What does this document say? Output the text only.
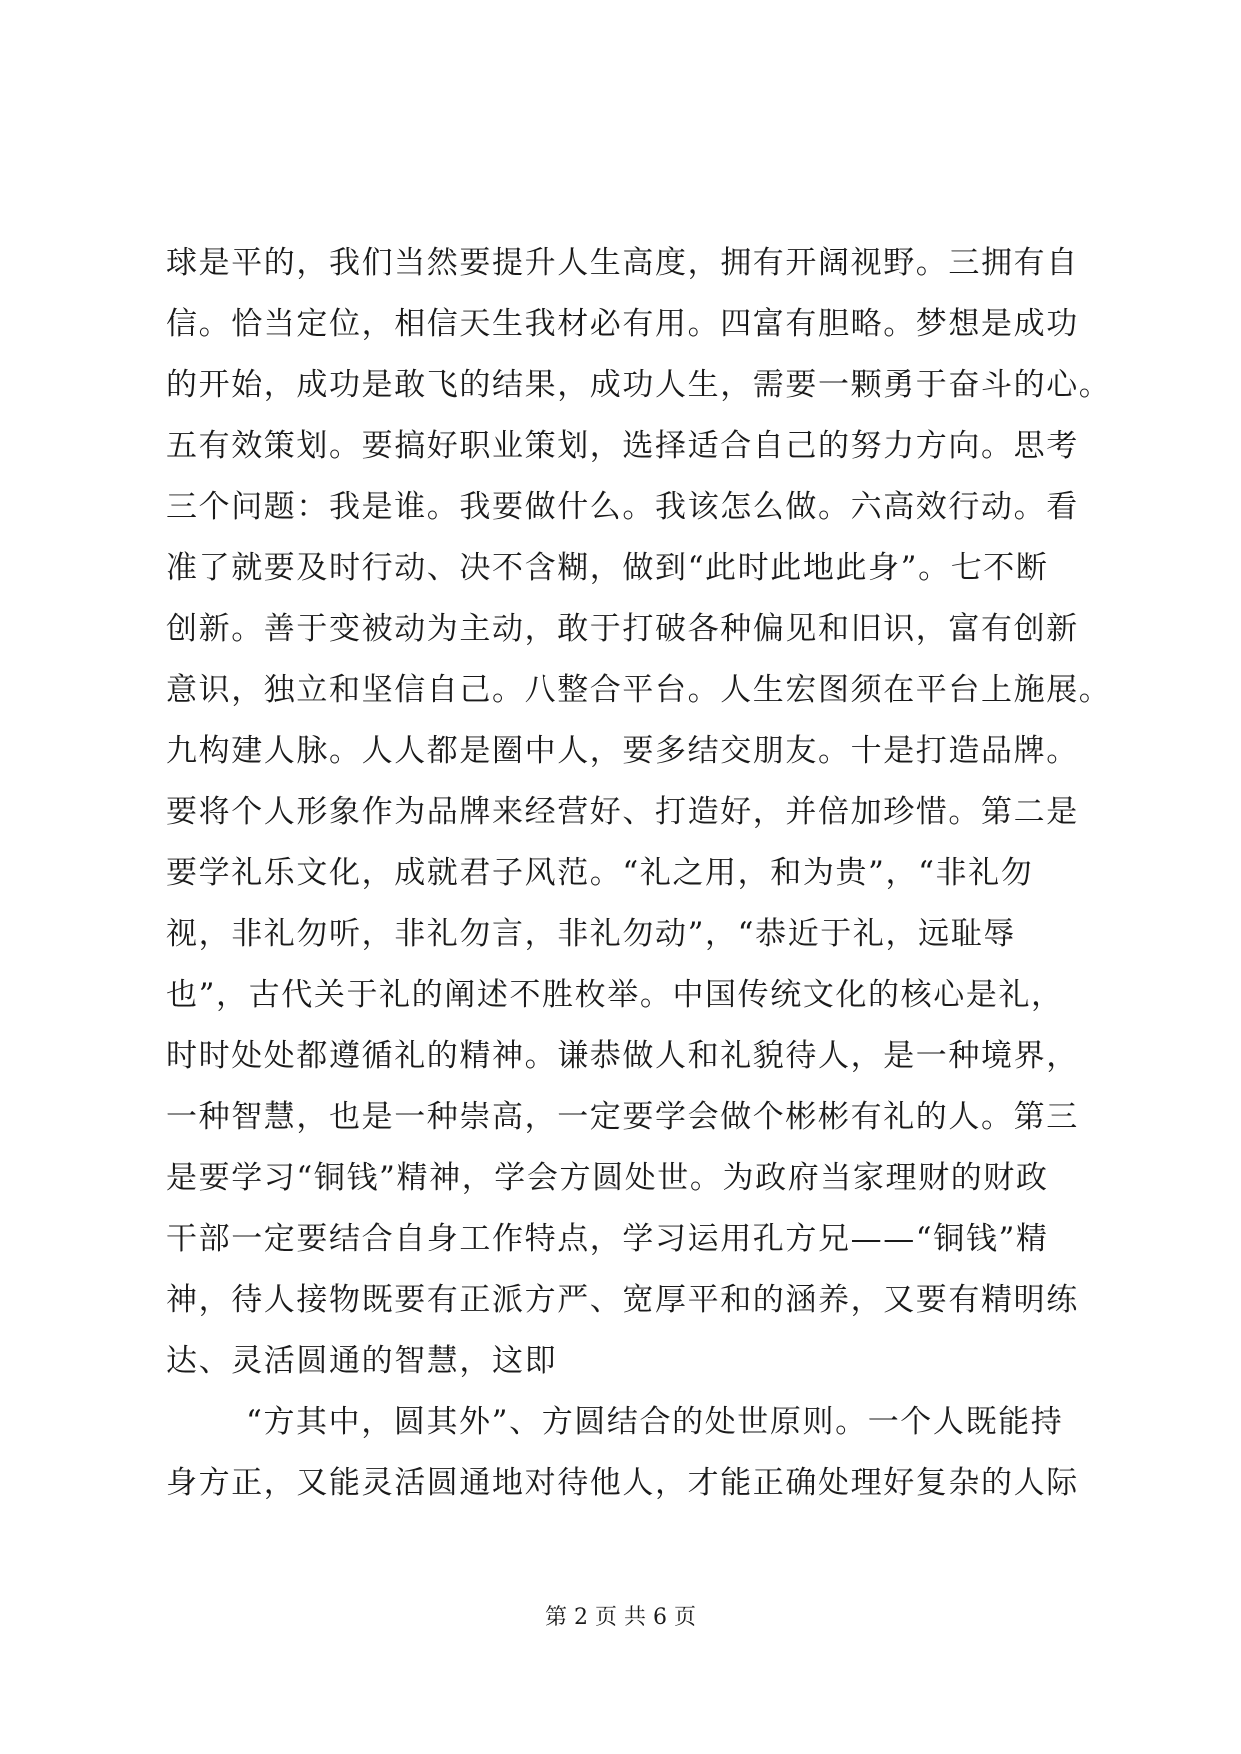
球是平的，我们当然要提升人生高度，拥有开阔视野。三拥有自
信。恰当定位，相信天生我材必有用。四富有胆略。梦想是成功
的开始，成功是敢飞的结果，成功人生，需要一颗勇于奋斗的心。
五有效策划。要搞好职业策划，选择适合自己的努力方向。思考
三个问题：我是谁。我要做什么。我该怎么做。六高效行动。看
准了就要及时行动、决不含糊，做到“此时此地此身”。七不断
创新。善于变被动为主动，敢于打破各种偏见和旧识，富有创新
意识，独立和坚信自己。八整合平台。人生宏图须在平台上施展。
九构建人脉。人人都是圈中人，要多结交朋友。十是打造品牌。
要将个人形象作为品牌来经营好、打造好，并倍加珍惜。第二是
要学礼乐文化，成就君子风范。“礼之用，和为贵”，“非礼勿
视，非礼勿听，非礼勿言，非礼勿动”，“恭近于礼，远耻辱
也”，古代关于礼的阐述不胜枚举。中国传统文化的核心是礼，
时时处处都遵循礼的精神。谦恭做人和礼貌待人，是一种境界，
一种智慧，也是一种崇高，一定要学会做个彬彬有礼的人。第三
是要学习“铜钱”精神，学会方圆处世。为政府当家理财的财政
干部一定要结合自身工作特点，学习运用孔方兄——“铜钱”精
神，待人接物既要有正派方严、宽厚平和的涵养，又要有精明练
达、灵活圆通的智慧，这即
“方其中，圆其外”、方圆结合的处世原则。一个人既能持
身方正，又能灵活圆通地对待他人，才能正确处理好复杂的人际
第 2 页 共 6 页
